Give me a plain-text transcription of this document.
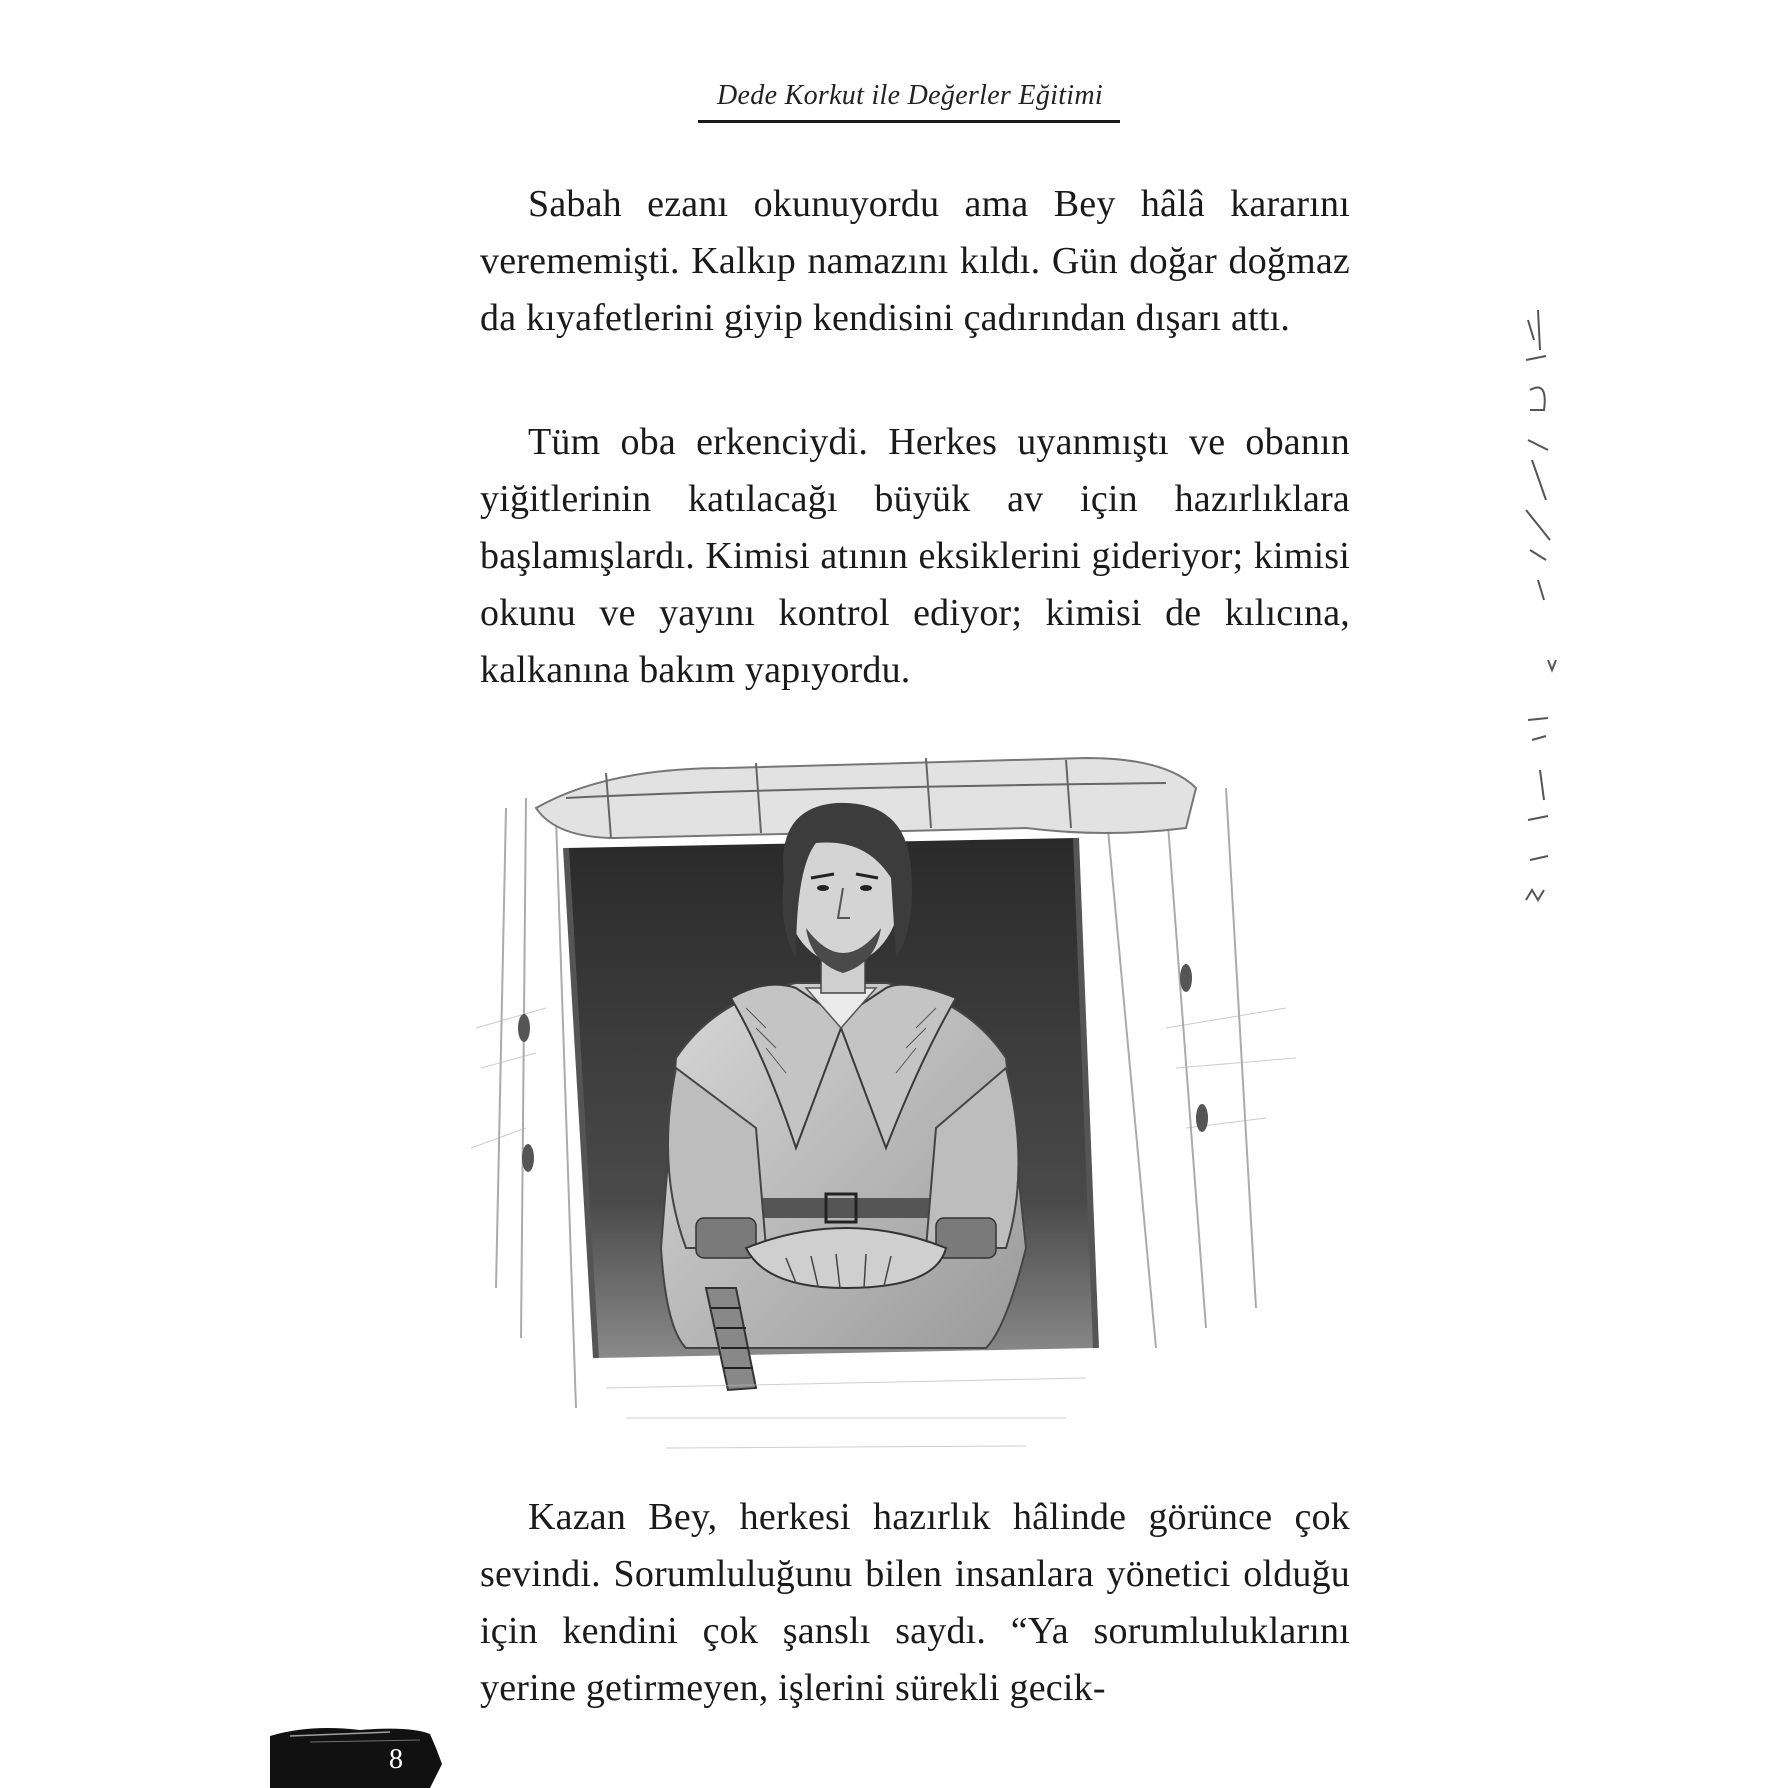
Dede Korkut ile Değerler Eğitimi

Sabah ezanı okunuyordu ama Bey hâlâ kararını verememişti. Kalkıp namazını kıldı. Gün doğar doğmaz da kıyafetlerini giyip kendisini çadırından dışarı attı.

Tüm oba erkenciydi. Herkes uyanmıştı ve obanın yiğitlerinin katılacağı büyük av için hazırlıklara başlamışlardı. Kimisi atının eksiklerini gideriyor; kimisi okunu ve yayını kontrol ediyor; kimisi de kılıcına, kalkanına bakım yapıyordu.

Kazan Bey, herkesi hazırlık hâlinde görünce çok sevindi. Sorumluluğunu bilen insanlara yönetici olduğu için kendini çok şanslı saydı. “Ya sorumluluklarını yerine getirmeyen, işlerini sürekli gecik-

8
